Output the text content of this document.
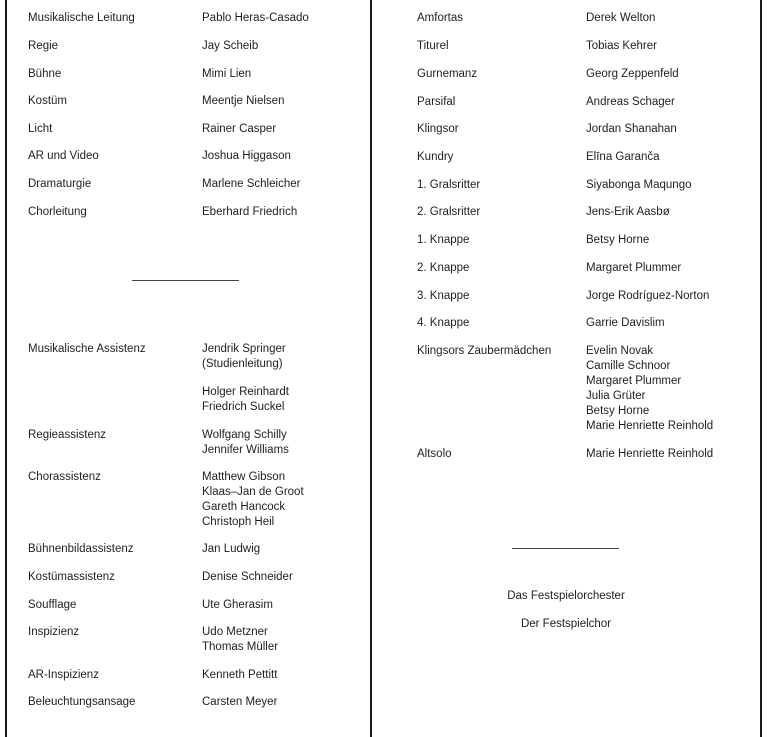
Musikalische Leitung	Pablo Heras-Casado
Regie	Jay Scheib
Bühne	Mimi Lien
Kostüm	Meentje Nielsen
Licht	Rainer Casper
AR und Video	Joshua Higgason
Dramaturgie	Marlene Schleicher
Chorleitung	Eberhard Friedrich
Musikalische Assistenz	Jendrik Springer
(Studienleitung)
Holger Reinhardt
Friedrich Suckel
Regieassistenz	Wolfgang Schilly
Jennifer Williams
Chorassistenz	Matthew Gibson
Klaas–Jan de Groot
Gareth Hancock
Christoph Heil
Bühnenbildassistenz	Jan Ludwig
Kostümassistenz	Denise Schneider
Soufflage	Ute Gherasim
Inspizienz	Udo Metzner
Thomas Müller
AR-Inspizienz	Kenneth Pettitt
Beleuchtungsansage	Carsten Meyer
Amfortas	Derek Welton
Titurel	Tobias Kehrer
Gurnemanz	Georg Zeppenfeld
Parsifal	Andreas Schager
Klingsor	Jordan Shanahan
Kundry	Elīna Garanča
1. Gralsritter	Siyabonga Maqungo
2. Gralsritter	Jens-Erik Aasbø
1. Knappe	Betsy Horne
2. Knappe	Margaret Plummer
3. Knappe	Jorge Rodríguez-Norton
4. Knappe	Garrie Davislim
Klingsors Zaubermädchen	Evelin Novak
Camille Schnoor
Margaret Plummer
Julia Grüter
Betsy Horne
Marie Henriette Reinhold
Altsolo	Marie Henriette Reinhold
Das Festspielorchester
Der Festspielchor
